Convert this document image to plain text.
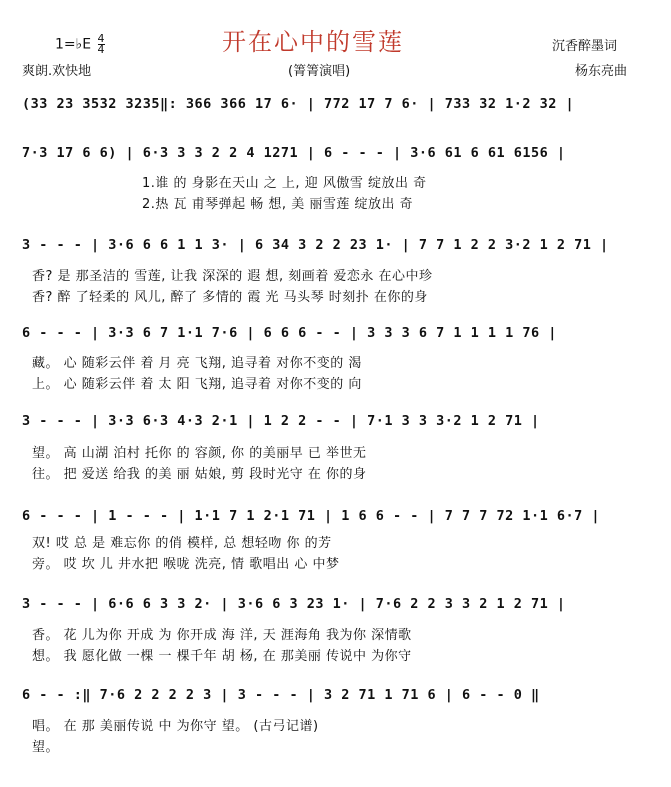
1=♭E $\frac{4}{4}$	开在心中的雪莲	沉香醉墨词
爽朗.欢快地	(箐箐演唱)	杨东亮曲
(33 23 3532 3235‖: 366 366 17 6· | 772 17 7 6· | 733 32 1·2 32 |
7·3 17 6 6) | 6·3 3 3 2 2 4 1271 | 6 - - - | 3·6 61 6 61 6156 |
1.谁 的 身影在天山 之 上, 迎 风傲雪 绽放出 奇
2.热 瓦 甫琴弹起 畅 想, 美 丽雪莲 绽放出 奇
3 - - - | 3·6 6 6 1 1 3· | 6 34 3 2 2 23 1· | 7 7 1 2 2 3·2 1 2 71 |
香? 是 那圣洁的 雪莲, 让我 深深的 遐 想, 刻画着 爱恋永 在心中珍
香? 醉 了轻柔的 风儿, 醉了 多情的 霞 光 马头琴 时刻扑 在你的身
6 - - - | 3·3 6 7 1·1 7·6 | 6 6 6 - - | 3 3 3 6 7 1 1 1 1 76 |
藏。 心 随彩云伴 着 月 亮 飞翔, 追寻着 对你不变的 渴
上。 心 随彩云伴 着 太 阳 飞翔, 追寻着 对你不变的 向
3 - - - | 3·3 6·3 4·3 2·1 | 1 2 2 - - | 7·1 3 3 3·2 1 2 71 |
望。 高 山湖 泊村 托你 的 容颜, 你 的美丽早 已 举世无
往。 把 爱送 给我 的美 丽 姑娘, 剪 段时光守 在 你的身
6 - - - | 1 - - - | 1·1 7 1 2·1 71 | 1 6 6 - - | 7 7 7 72 1·1 6·7 |
双! 哎 总 是 难忘你 的俏 模样, 总 想轻吻 你 的芳
旁。 哎 坎 儿 井水把 喉咙 洗亮, 情 歌唱出 心 中梦
3 - - - | 6·6 6 3 3 2· | 3·6 6 3 23 1· | 7·6 2 2 3 3 2 1 2 71 |
香。 花 儿为你 开成 为 你开成 海 洋, 天 涯海角 我为你 深情歌
想。 我 愿化做 一棵 一 棵千年 胡 杨, 在 那美丽 传说中 为你守
6 - - :‖ 7·6 2 2 2 2 3 | 3 - - - | 3 2 71 1 71 6 | 6 - - 0 ‖
唱。 在 那 美丽传说 中 为你守 望。 (古弓记谱)
望。
